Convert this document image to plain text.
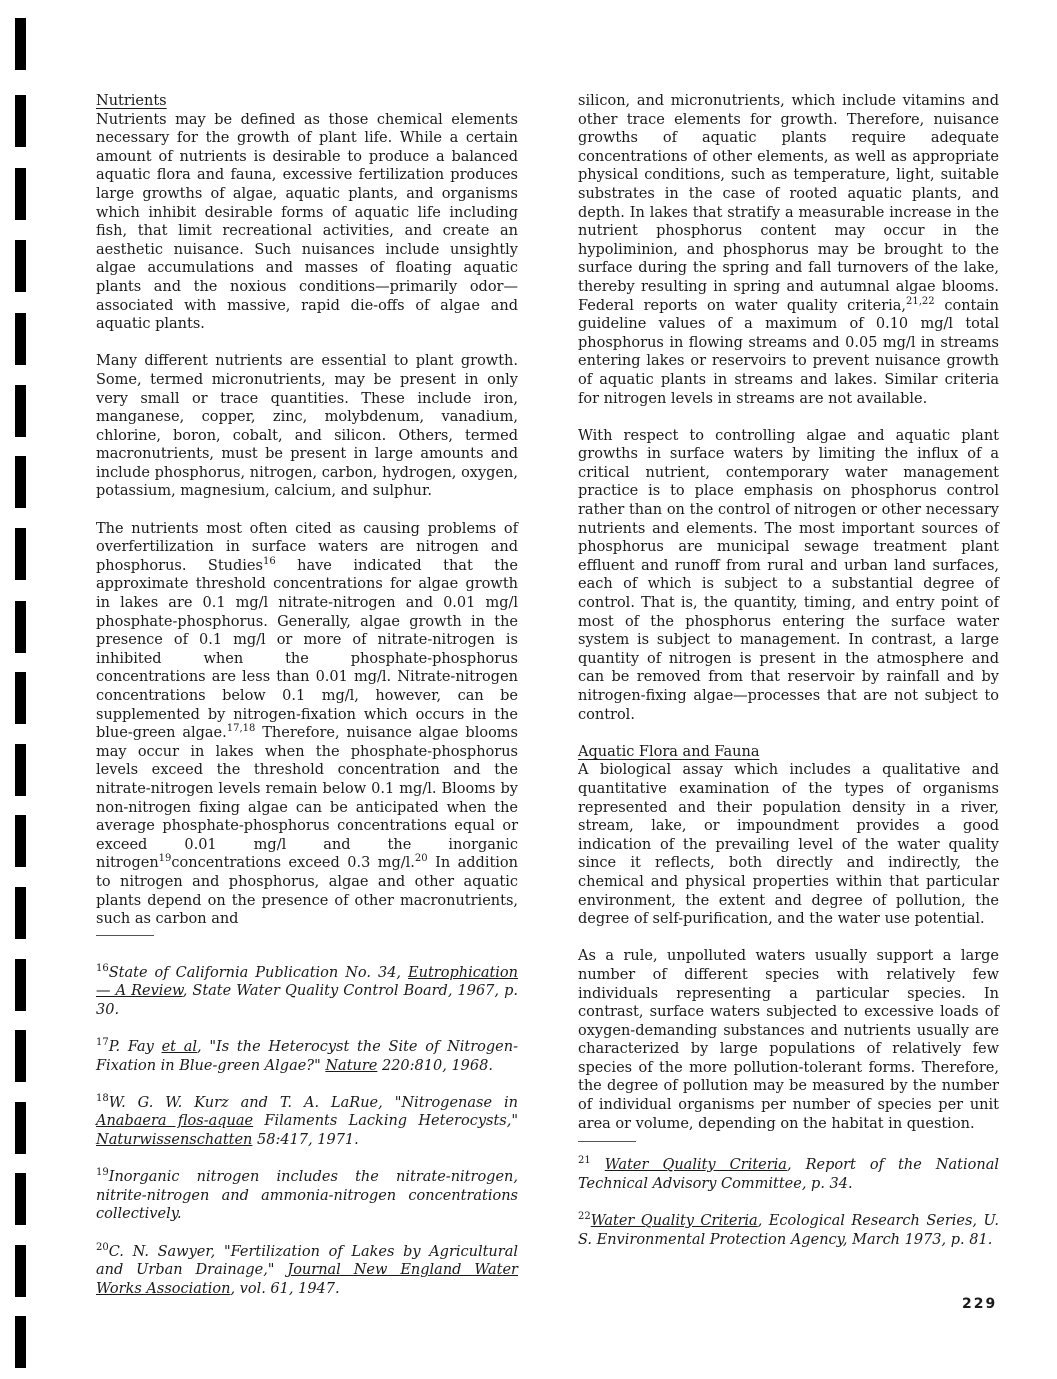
Nutrients

Nutrients may be defined as those chemical elements necessary for the growth of plant life. While a certain amount of nutrients is desirable to produce a balanced aquatic flora and fauna, excessive fertilization produces large growths of algae, aquatic plants, and organisms which inhibit desirable forms of aquatic life including fish, that limit recreational activities, and create an aesthetic nuisance. Such nuisances include unsightly algae accumulations and masses of floating aquatic plants and the noxious conditions—primarily odor—associated with massive, rapid die-offs of algae and aquatic plants.

Many different nutrients are essential to plant growth. Some, termed micronutrients, may be present in only very small or trace quantities. These include iron, manganese, copper, zinc, molybdenum, vanadium, chlorine, boron, cobalt, and silicon. Others, termed macronutrients, must be present in large amounts and include phosphorus, nitrogen, carbon, hydrogen, oxygen, potassium, magnesium, calcium, and sulphur.

The nutrients most often cited as causing problems of overfertilization in surface waters are nitrogen and phosphorus. Studies$^{16}$ have indicated that the approximate threshold concentrations for algae growth in lakes are 0.1 mg/l nitrate-nitrogen and 0.01 mg/l phosphate-phosphorus. Generally, algae growth in the presence of 0.1 mg/l or more of nitrate-nitrogen is inhibited when the phosphate-phosphorus concentrations are less than 0.01 mg/l. Nitrate-nitrogen concentrations below 0.1 mg/l, however, can be supplemented by nitrogen-fixation which occurs in the blue-green algae.$^{17,18}$ Therefore, nuisance algae blooms may occur in lakes when the phosphate-phosphorus levels exceed the threshold concentration and the nitrate-nitrogen levels remain below 0.1 mg/l. Blooms by non-nitrogen fixing algae can be anticipated when the average phosphate-phosphorus concentrations equal or exceed 0.01 mg/l and the inorganic nitrogen$^{19}$concentrations exceed 0.3 mg/l.$^{20}$ In addition to nitrogen and phosphorus, algae and other aquatic plants depend on the presence of other macronutrients, such as carbon and

$^{16}$State of California Publication No. 34, Eutrophication— A Review, State Water Quality Control Board, 1967, p. 30.
$^{17}$P. Fay et al, "Is the Heterocyst the Site of Nitrogen-Fixation in Blue-green Algae?" Nature 220:810, 1968.
$^{18}$W. G. W. Kurz and T. A. LaRue, "Nitrogenase in Anabaera flos-aquae Filaments Lacking Heterocysts," Naturwissenschatten 58:417, 1971.
$^{19}$Inorganic nitrogen includes the nitrate-nitrogen, nitrite-nitrogen and ammonia-nitrogen concentrations collectively.
$^{20}$C. N. Sawyer, "Fertilization of Lakes by Agricultural and Urban Drainage," Journal New England Water Works Association, vol. 61, 1947.

silicon, and micronutrients, which include vitamins and other trace elements for growth. Therefore, nuisance growths of aquatic plants require adequate concentrations of other elements, as well as appropriate physical conditions, such as temperature, light, suitable substrates in the case of rooted aquatic plants, and depth. In lakes that stratify a measurable increase in the nutrient phosphorus content may occur in the hypoliminion, and phosphorus may be brought to the surface during the spring and fall turnovers of the lake, thereby resulting in spring and autumnal algae blooms. Federal reports on water quality criteria,$^{21,22}$ contain guideline values of a maximum of 0.10 mg/l total phosphorus in flowing streams and 0.05 mg/l in streams entering lakes or reservoirs to prevent nuisance growth of aquatic plants in streams and lakes. Similar criteria for nitrogen levels in streams are not available.

With respect to controlling algae and aquatic plant growths in surface waters by limiting the influx of a critical nutrient, contemporary water management practice is to place emphasis on phosphorus control rather than on the control of nitrogen or other necessary nutrients and elements. The most important sources of phosphorus are municipal sewage treatment plant effluent and runoff from rural and urban land surfaces, each of which is subject to a substantial degree of control. That is, the quantity, timing, and entry point of most of the phosphorus entering the surface water system is subject to management. In contrast, a large quantity of nitrogen is present in the atmosphere and can be removed from that reservoir by rainfall and by nitrogen-fixing algae—processes that are not subject to control.

Aquatic Flora and Fauna

A biological assay which includes a qualitative and quantitative examination of the types of organisms represented and their population density in a river, stream, lake, or impoundment provides a good indication of the prevailing level of the water quality since it reflects, both directly and indirectly, the chemical and physical properties within that particular environment, the extent and degree of pollution, the degree of self-purification, and the water use potential.

As a rule, unpolluted waters usually support a large number of different species with relatively few individuals representing a particular species. In contrast, surface waters subjected to excessive loads of oxygen-demanding substances and nutrients usually are characterized by large populations of relatively few species of the more pollution-tolerant forms. Therefore, the degree of pollution may be measured by the number of individual organisms per number of species per unit area or volume, depending on the habitat in question.

$^{21}$ Water Quality Criteria, Report of the National Technical Advisory Committee, p. 34.
$^{22}$Water Quality Criteria, Ecological Research Series, U. S. Environmental Protection Agency, March 1973, p. 81.
229
